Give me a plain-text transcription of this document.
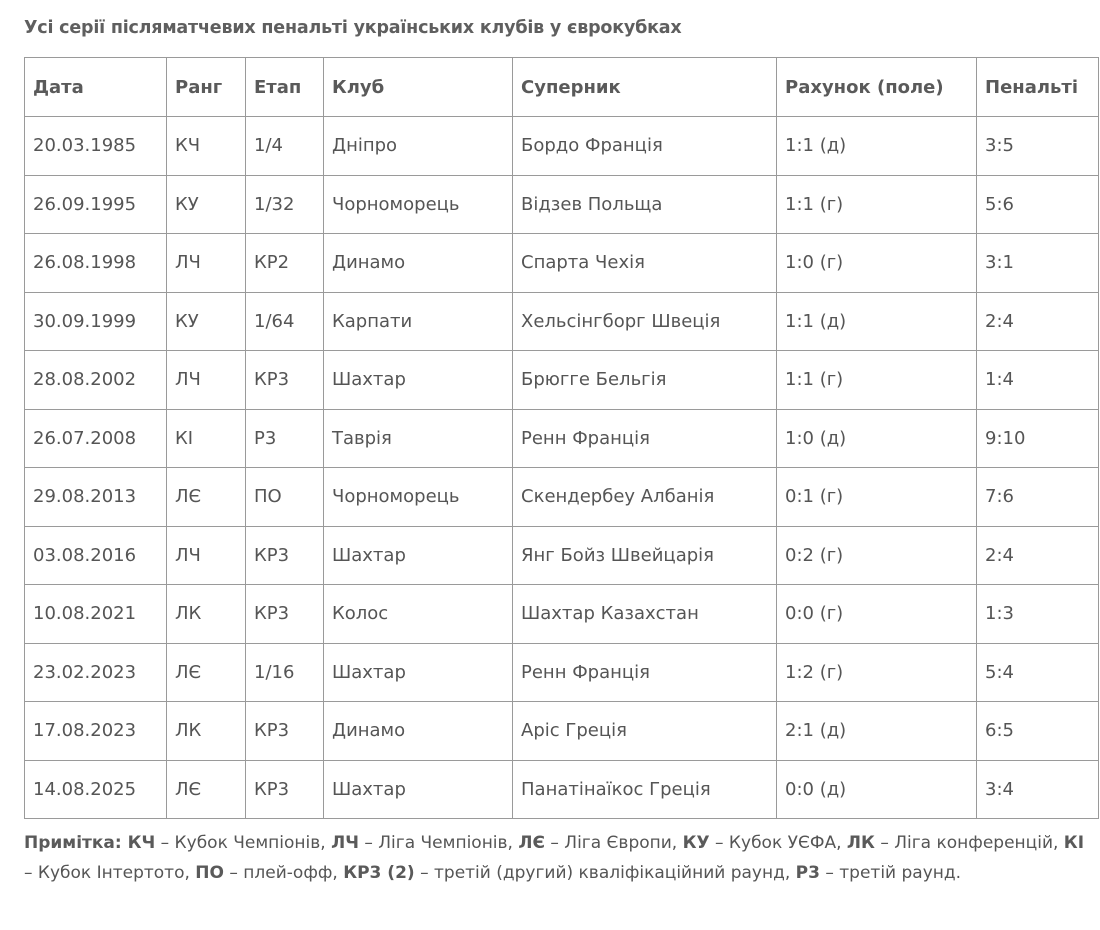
Усі серії післяматчевих пенальті українських клубів у єврокубках
Дата	Ранг	Етап	Клуб	Суперник	Рахунок (поле)	Пенальті
20.03.1985	КЧ	1/4	Дніпро	Бордо Франція	1:1 (д)	3:5
26.09.1995	КУ	1/32	Чорноморець	Відзев Польща	1:1 (г)	5:6
26.08.1998	ЛЧ	КР2	Динамо	Спарта Чехія	1:0 (г)	3:1
30.09.1999	КУ	1/64	Карпати	Хельсінгборг Швеція	1:1 (д)	2:4
28.08.2002	ЛЧ	КР3	Шахтар	Брюгге Бельгія	1:1 (г)	1:4
26.07.2008	КІ	Р3	Таврія	Ренн Франція	1:0 (д)	9:10
29.08.2013	ЛЄ	ПО	Чорноморець	Скендербеу Албанія	0:1 (г)	7:6
03.08.2016	ЛЧ	КР3	Шахтар	Янг Бойз Швейцарія	0:2 (г)	2:4
10.08.2021	ЛК	КР3	Колос	Шахтар Казахстан	0:0 (г)	1:3
23.02.2023	ЛЄ	1/16	Шахтар	Ренн Франція	1:2 (г)	5:4
17.08.2023	ЛК	КР3	Динамо	Аріс Греція	2:1 (д)	6:5
14.08.2025	ЛЄ	КР3	Шахтар	Панатінаїкос Греція	0:0 (д)	3:4
Примітка: КЧ – Кубок Чемпіонів, ЛЧ – Ліга Чемпіонів, ЛЄ – Ліга Європи, КУ – Кубок УЄФА, ЛК – Ліга конференцій, КІ – Кубок Інтертото, ПО – плей-офф, КР3 (2) – третій (другий) кваліфікаційний раунд, Р3 – третій раунд.
